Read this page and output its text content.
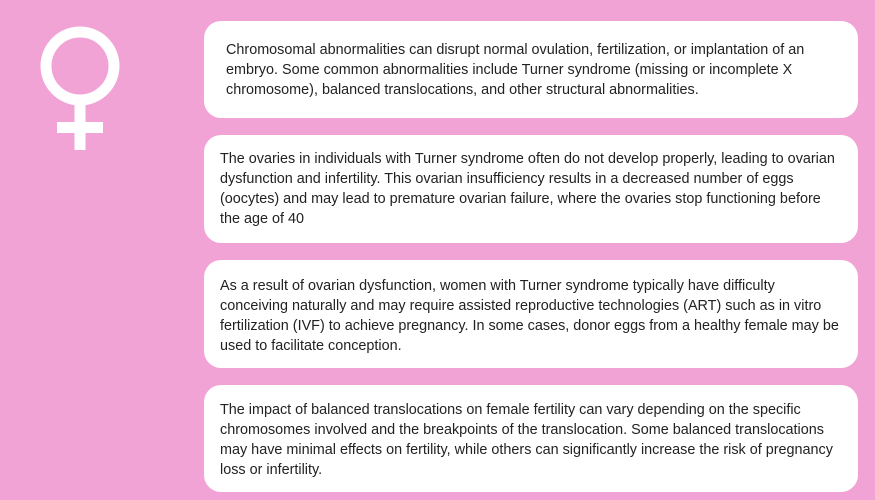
Chromosomal abnormalities can disrupt normal ovulation, fertilization, or implantation of an embryo. Some common abnormalities include Turner syndrome (missing or incomplete X chromosome), balanced translocations, and other structural abnormalities.
The ovaries in individuals with Turner syndrome often do not develop properly, leading to ovarian dysfunction and infertility. This ovarian insufficiency results in a decreased number of eggs (oocytes) and may lead to premature ovarian failure, where the ovaries stop functioning before the age of 40
As a result of ovarian dysfunction, women with Turner syndrome typically have difficulty conceiving naturally and may require assisted reproductive technologies (ART) such as in vitro fertilization (IVF) to achieve pregnancy. In some cases, donor eggs from a healthy female may be used to facilitate conception.
The impact of balanced translocations on female fertility can vary depending on the specific chromosomes involved and the breakpoints of the translocation. Some balanced translocations may have minimal effects on fertility, while others can significantly increase the risk of pregnancy loss or infertility.
